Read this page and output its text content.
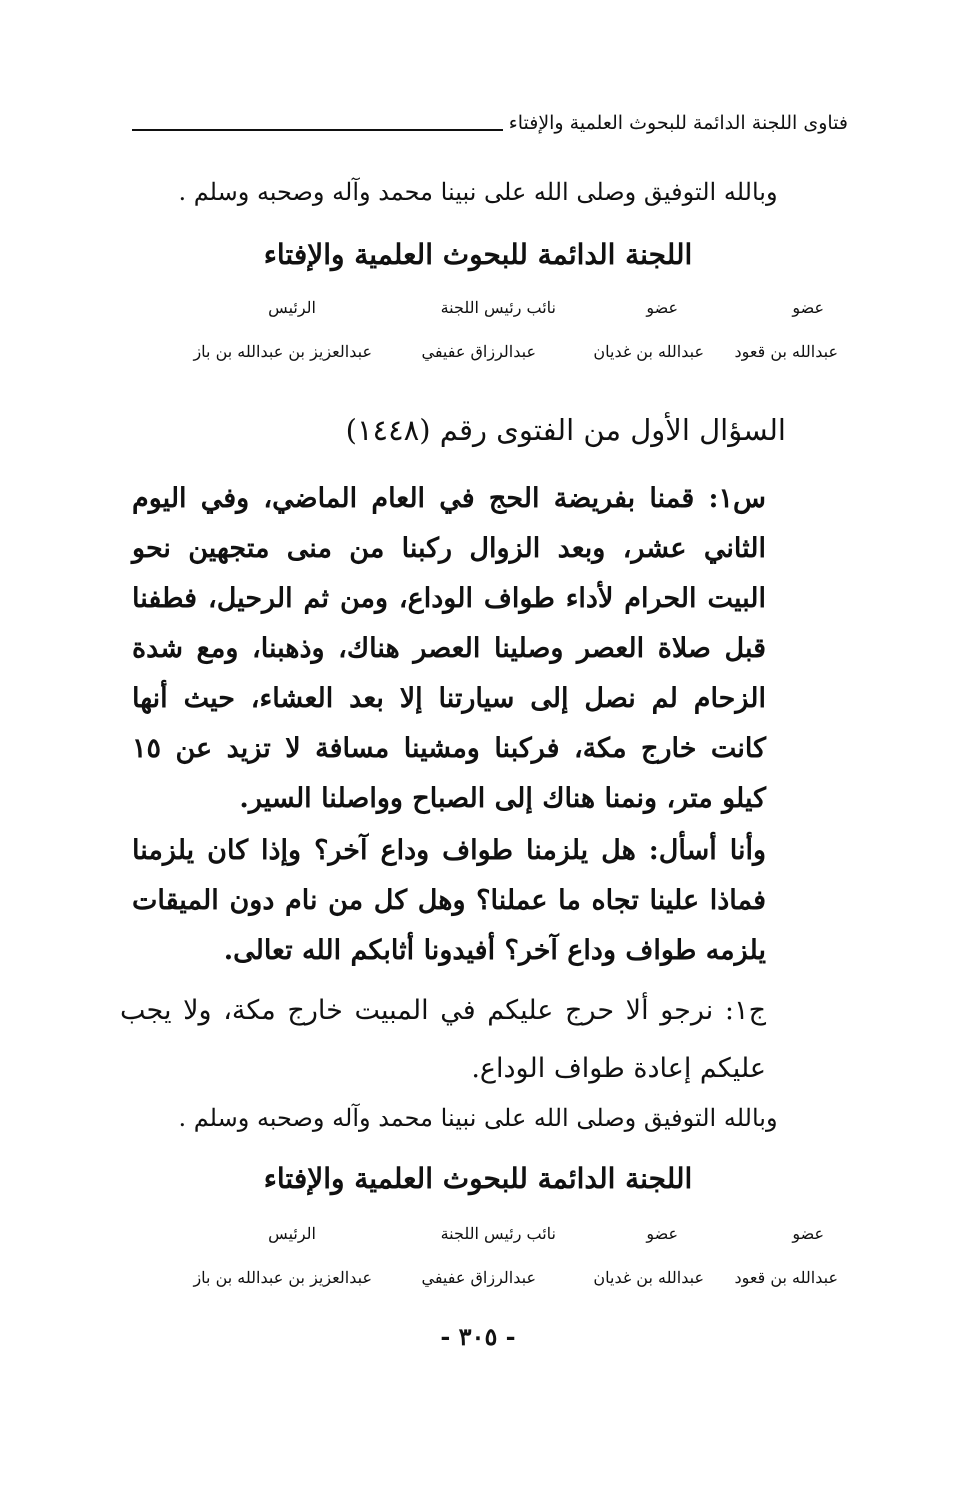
فتاوى اللجنة الدائمة للبحوث العلمية والإفتاء
وبالله التوفيق وصلى الله على نبينا محمد وآله وصحبه وسلم .
اللجنة الدائمة للبحوث العلمية والإفتاء
عضو
عضو
نائب رئيس اللجنة
الرئيس
عبدالله بن قعود
عبدالله بن غديان
عبدالرزاق عفيفي
عبدالعزيز بن عبدالله بن باز
السؤال الأول من الفتوى رقم (١٤٤٨)
س١: قمنا بفريضة الحج في العام الماضي، وفي اليوم الثاني عشر، وبعد الزوال ركبنا من منى متجهين نحو البيت الحرام لأداء طواف الوداع، ومن ثم الرحيل، فطفنا قبل صلاة العصر وصلينا العصر هناك، وذهبنا، ومع شدة الزحام لم نصل إلى سيارتنا إلا بعد العشاء، حيث أنها كانت خارج مكة، فركبنا ومشينا مسافة لا تزيد عن ١٥ كيلو متر، ونمنا هناك إلى الصباح وواصلنا السير.
وأنا أسأل: هل يلزمنا طواف وداع آخر؟ وإذا كان يلزمنا فماذا علينا تجاه ما عملنا؟ وهل كل من نام دون الميقات يلزمه طواف وداع آخر؟ أفيدونا أثابكم الله تعالى.
ج١: نرجو ألا حرج عليكم في المبيت خارج مكة، ولا يجب عليكم إعادة طواف الوداع.
وبالله التوفيق وصلى الله على نبينا محمد وآله وصحبه وسلم .
اللجنة الدائمة للبحوث العلمية والإفتاء
عضو
عضو
نائب رئيس اللجنة
الرئيس
عبدالله بن قعود
عبدالله بن غديان
عبدالرزاق عفيفي
عبدالعزيز بن عبدالله بن باز
- ٣٠٥ -
